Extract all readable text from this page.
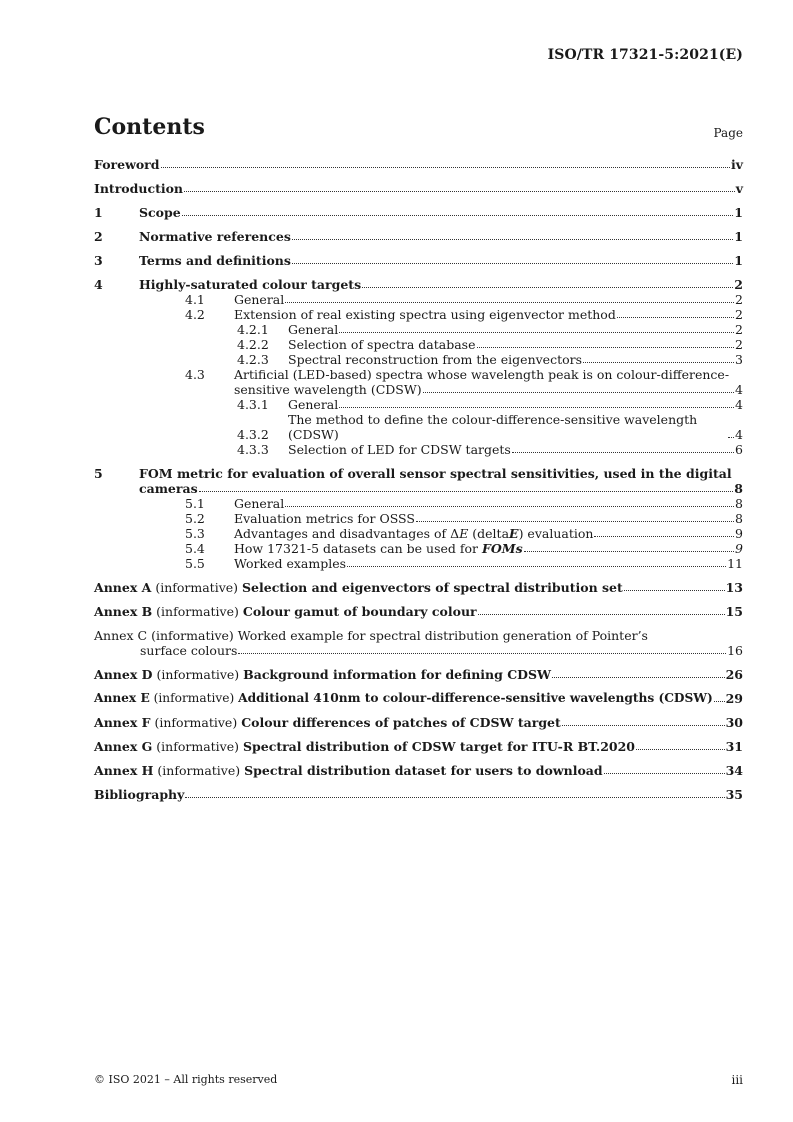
ISO/TR 17321-5:2021(E)
Contents	Page
Foreword	iv
Introduction	v
1	Scope	1
2	Normative references	1
3	Terms and definitions	1
4	Highly-saturated colour targets	2
4.1	General	2
4.2	Extension of real existing spectra using eigenvector method	2
4.2.1	General	2
4.2.2	Selection of spectra database	2
4.2.3	Spectral reconstruction from the eigenvectors	3
4.3	Artificial (LED-based) spectra whose wavelength peak is on colour-difference-
sensitive wavelength (CDSW)	4
4.3.1	General	4
4.3.2
The method to define the colour-difference-sensitive wavelength (CDSW)	4
4.3.3	Selection of LED for CDSW targets	6
5	FOM metric for evaluation of overall sensor spectral sensitivities, used in the digital
cameras	8
5.1	General	8
5.2	Evaluation metrics for OSSS	8
5.3	Advantages and disadvantages of ΔE (deltaE) evaluation	9
5.4	How 17321-5 datasets can be used for FOMs	9
5.5	Worked examples	11
Annex A (informative) Selection and eigenvectors of spectral distribution set	13
Annex B (informative) Colour gamut of boundary colour	15
Annex C (informative) Worked example for spectral distribution generation of Pointer’s
surface colours	16
Annex D (informative) Background information for defining CDSW	26
Annex E (informative) Additional 410nm to colour-difference-sensitive wavelengths (CDSW) 29
Annex F (informative) Colour differences of patches of CDSW target	30
Annex G (informative) Spectral distribution of CDSW target for ITU-R BT.2020	31
Annex H (informative) Spectral distribution dataset for users to download	34
Bibliography	35
© ISO 2021 – All rights reserved	iii
